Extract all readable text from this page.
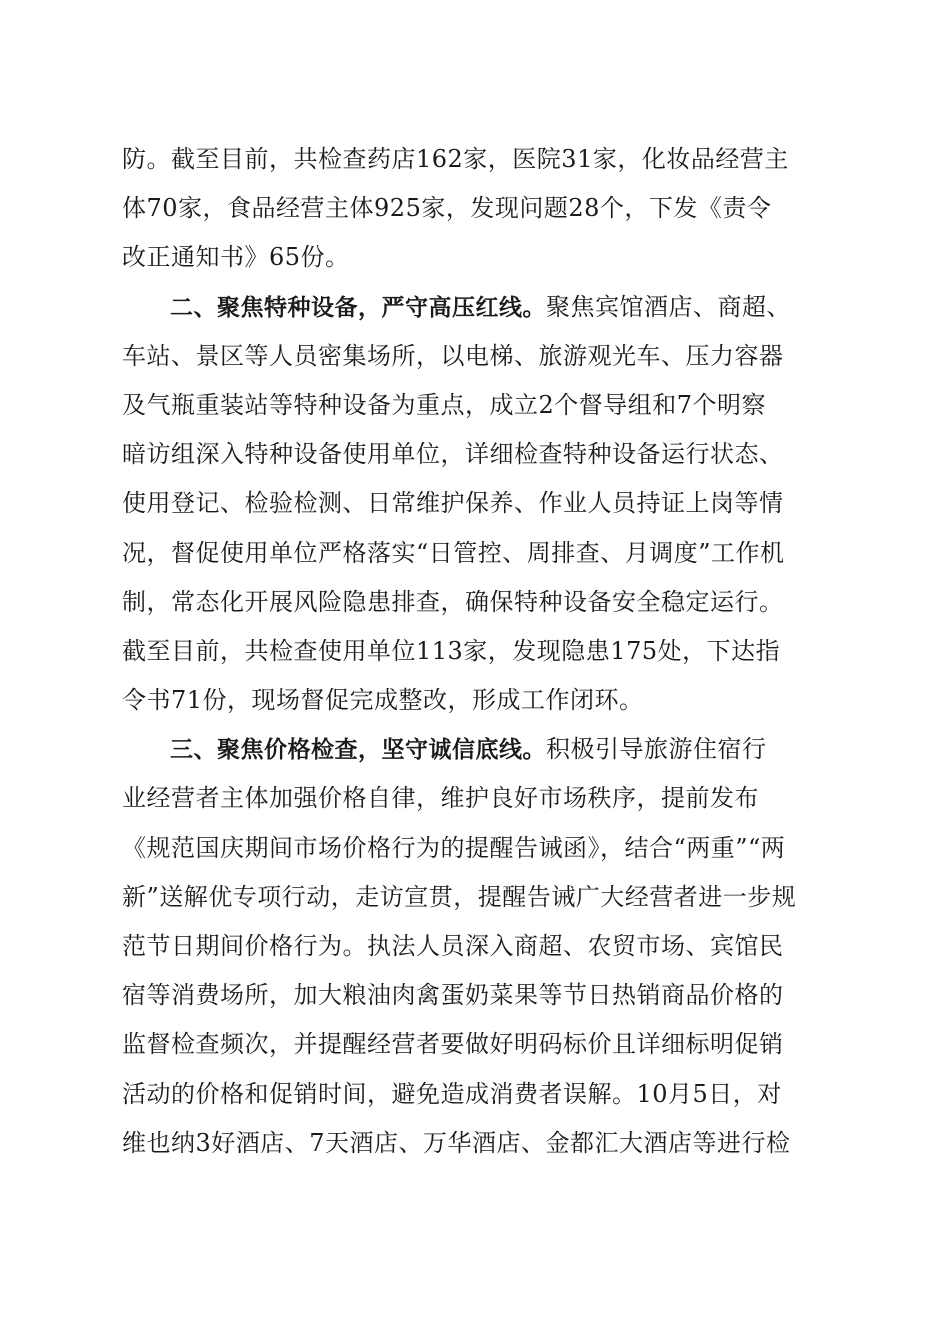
防。截至目前，共检查药店162家，医院31家，化妆品经营主
体70家，食品经营主体925家，发现问题28个，下发《责令
改正通知书》65份。
二、聚焦特种设备，严守高压红线。聚焦宾馆酒店、商超、
车站、景区等人员密集场所，以电梯、旅游观光车、压力容器
及气瓶重装站等特种设备为重点，成立2个督导组和7个明察
暗访组深入特种设备使用单位，详细检查特种设备运行状态、
使用登记、检验检测、日常维护保养、作业人员持证上岗等情
况，督促使用单位严格落实“日管控、周排查、月调度”工作机
制，常态化开展风险隐患排查，确保特种设备安全稳定运行。
截至目前，共检查使用单位113家，发现隐患175处，下达指
令书71份，现场督促完成整改，形成工作闭环。
三、聚焦价格检查，坚守诚信底线。积极引导旅游住宿行
业经营者主体加强价格自律，维护良好市场秩序，提前发布
《规范国庆期间市场价格行为的提醒告诫函》，结合“两重”“两
新”送解优专项行动，走访宣贯，提醒告诫广大经营者进一步规
范节日期间价格行为。执法人员深入商超、农贸市场、宾馆民
宿等消费场所，加大粮油肉禽蛋奶菜果等节日热销商品价格的
监督检查频次，并提醒经营者要做好明码标价且详细标明促销
活动的价格和促销时间，避免造成消费者误解。10月5日，对
维也纳3好酒店、7天酒店、万华酒店、金都汇大酒店等进行检
